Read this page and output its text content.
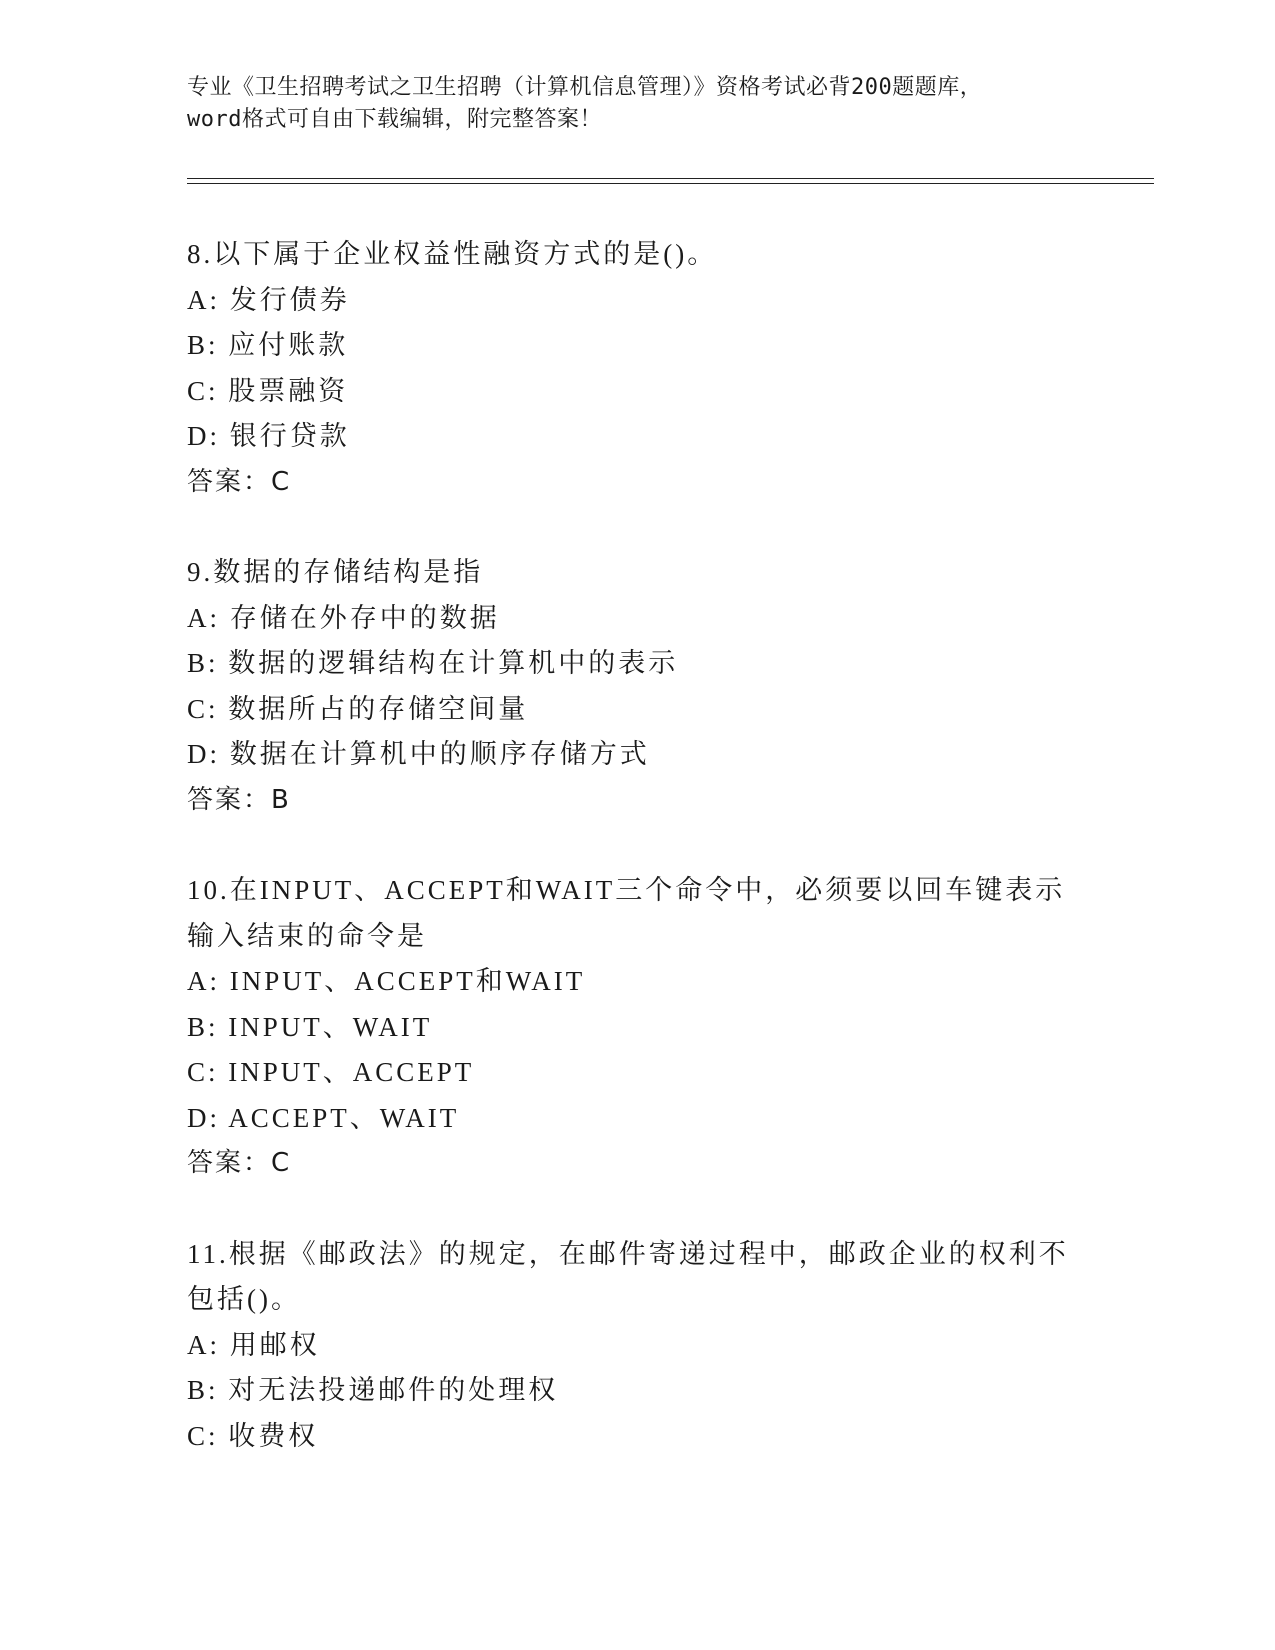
专业《卫生招聘考试之卫生招聘（计算机信息管理）》资格考试必背200题题库，
word格式可自由下载编辑，附完整答案！
8.以下属于企业权益性融资方式的是()。
A: 发行债券
B: 应付账款
C: 股票融资
D: 银行贷款
答案：C
9.数据的存储结构是指
A: 存储在外存中的数据
B: 数据的逻辑结构在计算机中的表示
C: 数据所占的存储空间量
D: 数据在计算机中的顺序存储方式
答案：B
10.在INPUT、ACCEPT和WAIT三个命令中，必须要以回车键表示输入结束的命令是
A: INPUT、ACCEPT和WAIT
B: INPUT、WAIT
C: INPUT、ACCEPT
D: ACCEPT、WAIT
答案：C
11.根据《邮政法》的规定，在邮件寄递过程中，邮政企业的权利不包括()。
A: 用邮权
B: 对无法投递邮件的处理权
C: 收费权
